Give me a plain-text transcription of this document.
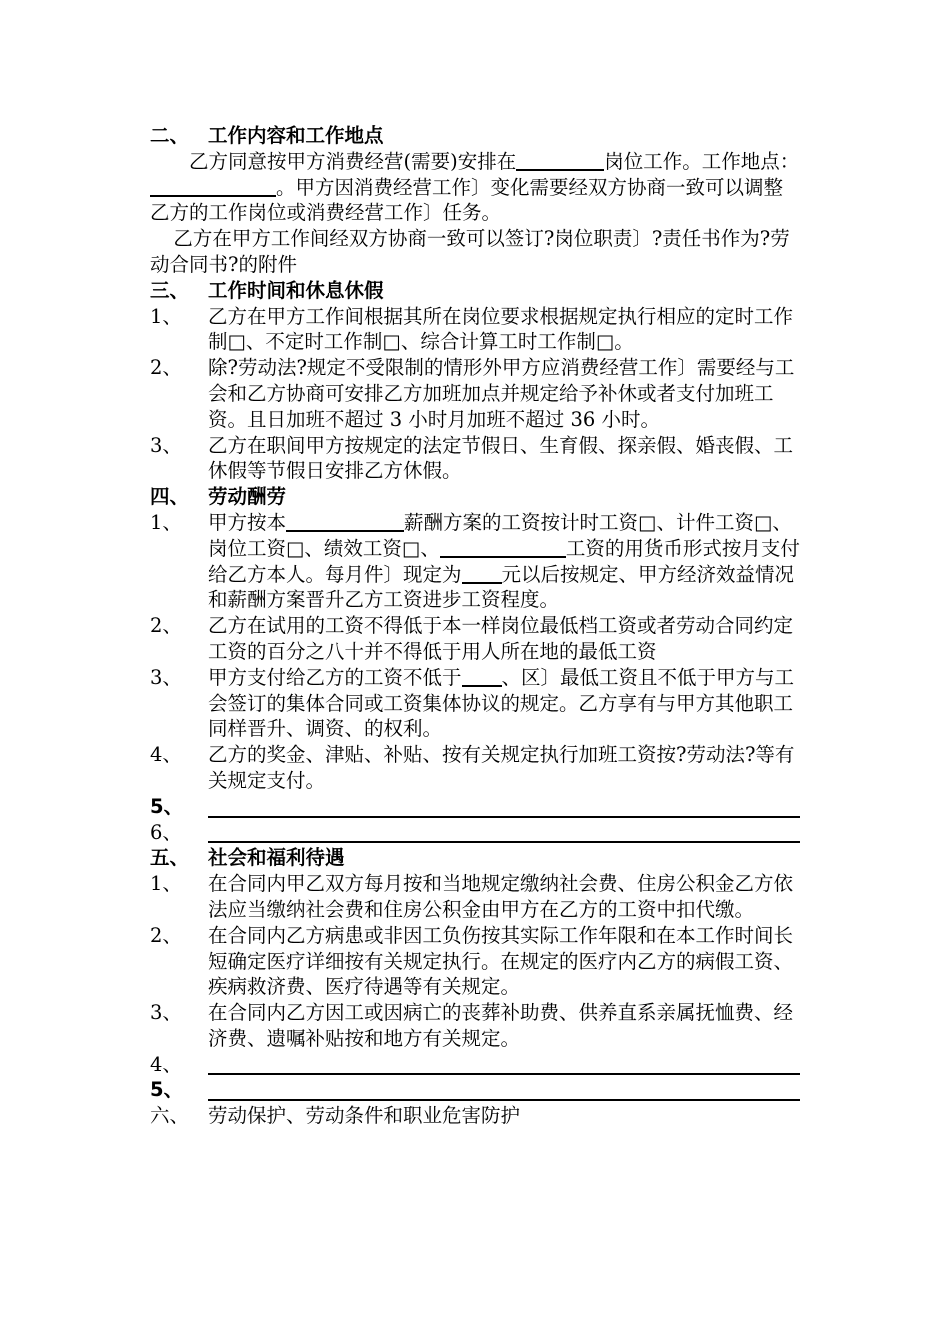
二、 工作内容和工作地点

乙方同意按甲方消费经营(需要)安排在	岗位工作。工作地点：。甲方因消费经营工作〕变化需要经双方协商一致可以调整乙方的工作岗位或消费经营工作〕任务。

乙方在甲方工作间经双方协商一致可以签订?岗位职责〕?责任书作为?劳动合同书?的附件

三、 工作时间和休息休假
1、	乙方在甲方工作间根据其所在岗位要求根据规定执行相应的定时工作制□、不定时工作制□、综合计算工时工作制□。
2、	除?劳动法?规定不受限制的情形外甲方应消费经营工作〕需要经与工会和乙方协商可安排乙方加班加点并规定给予补休或者支付加班工资。且日加班不超过 3 小时月加班不超过 36 小时。
3、	乙方在职间甲方按规定的法定节假日、生育假、探亲假、婚丧假、工休假等节假日安排乙方休假。
四、 劳动酬劳
1、	甲方按本	薪酬方案的工资按计时工资□、计件工资□、岗位工资□、绩效工资□、	工资的用货币形式按月支付给乙方本人。每月件〕现定为 元以后按规定、甲方经济效益情况和薪酬方案晋升乙方工资进步工资程度。
2、	乙方在试用的工资不得低于本一样岗位最低档工资或者劳动合同约定工资的百分之八十并不得低于用人所在地的最低工资
3、	甲方支付给乙方的工资不低于 、区〕最低工资且不低于甲方与工会签订的集体合同或工资集体协议的规定。乙方享有与甲方其他职工同样晋升、调资、的权利。
4、	乙方的奖金、津贴、补贴、按有关规定执行加班工资按?劳动法?等有关规定支付。
5、
6、
五、 社会和福利待遇
1、	在合同内甲乙双方每月按和当地规定缴纳社会费、住房公积金乙方依法应当缴纳社会费和住房公积金由甲方在乙方的工资中扣代缴。
2、	在合同内乙方病患或非因工负伤按其实际工作年限和在本工作时间长短确定医疗详细按有关规定执行。在规定的医疗内乙方的病假工资、疾病救济费、医疗待遇等有关规定。
3、	在合同内乙方因工或因病亡的丧葬补助费、供养直系亲属抚恤费、经济费、遗嘱补贴按和地方有关规定。
4、
5、
六、 劳动保护、劳动条件和职业危害防护
